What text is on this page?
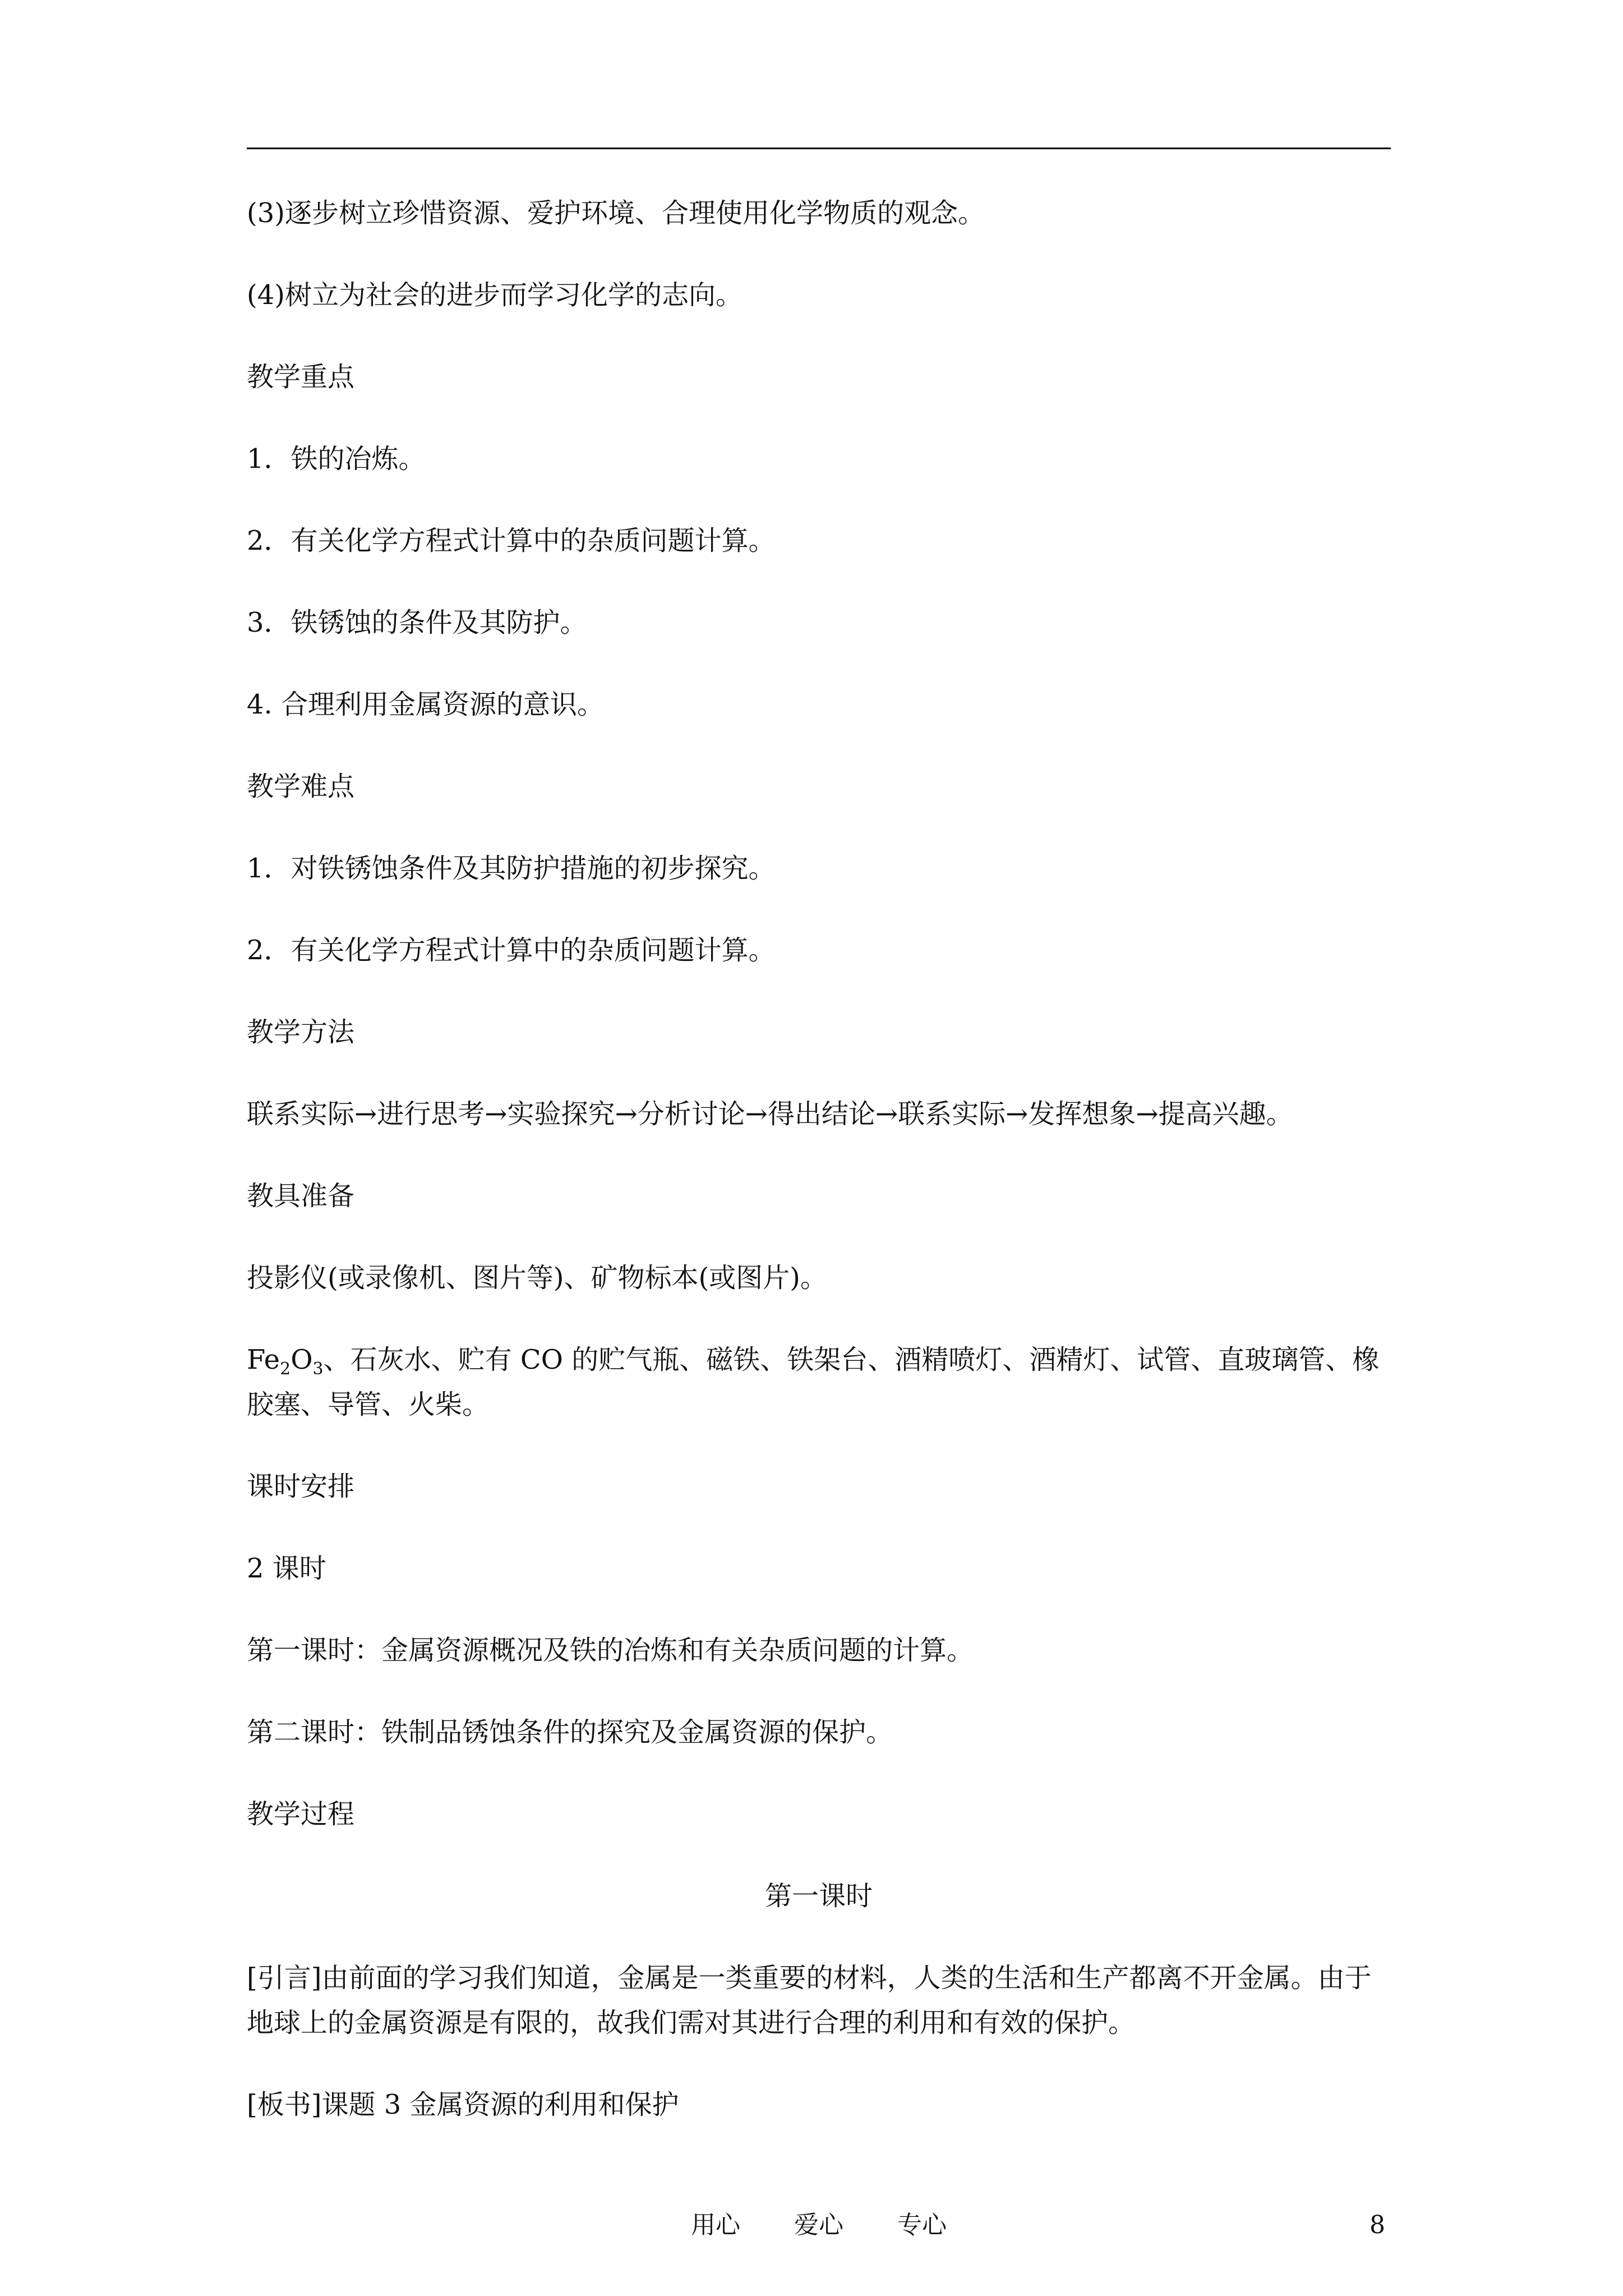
(3)逐步树立珍惜资源、爱护环境、合理使用化学物质的观念。

(4)树立为社会的进步而学习化学的志向。

教学重点

1．铁的冶炼。

2．有关化学方程式计算中的杂质问题计算。

3．铁锈蚀的条件及其防护。

4. 合理利用金属资源的意识。

教学难点

1．对铁锈蚀条件及其防护措施的初步探究。

2．有关化学方程式计算中的杂质问题计算。

教学方法

联系实际→进行思考→实验探究→分析讨论→得出结论→联系实际→发挥想象→提高兴趣。

教具准备

投影仪(或录像机、图片等)、矿物标本(或图片)。

$Fe_2O_3$、石灰水、贮有 CO 的贮气瓶、磁铁、铁架台、酒精喷灯、酒精灯、试管、直玻璃管、橡胶塞、导管、火柴。

课时安排

2 课时

第一课时：金属资源概况及铁的冶炼和有关杂质问题的计算。

第二课时：铁制品锈蚀条件的探究及金属资源的保护。

教学过程

第一课时

[引言]由前面的学习我们知道，金属是一类重要的材料，人类的生活和生产都离不开金属。由于地球上的金属资源是有限的，故我们需对其进行合理的利用和有效的保护。

[板书]课题 3 金属资源的利用和保护

用心 爱心 专心	8
